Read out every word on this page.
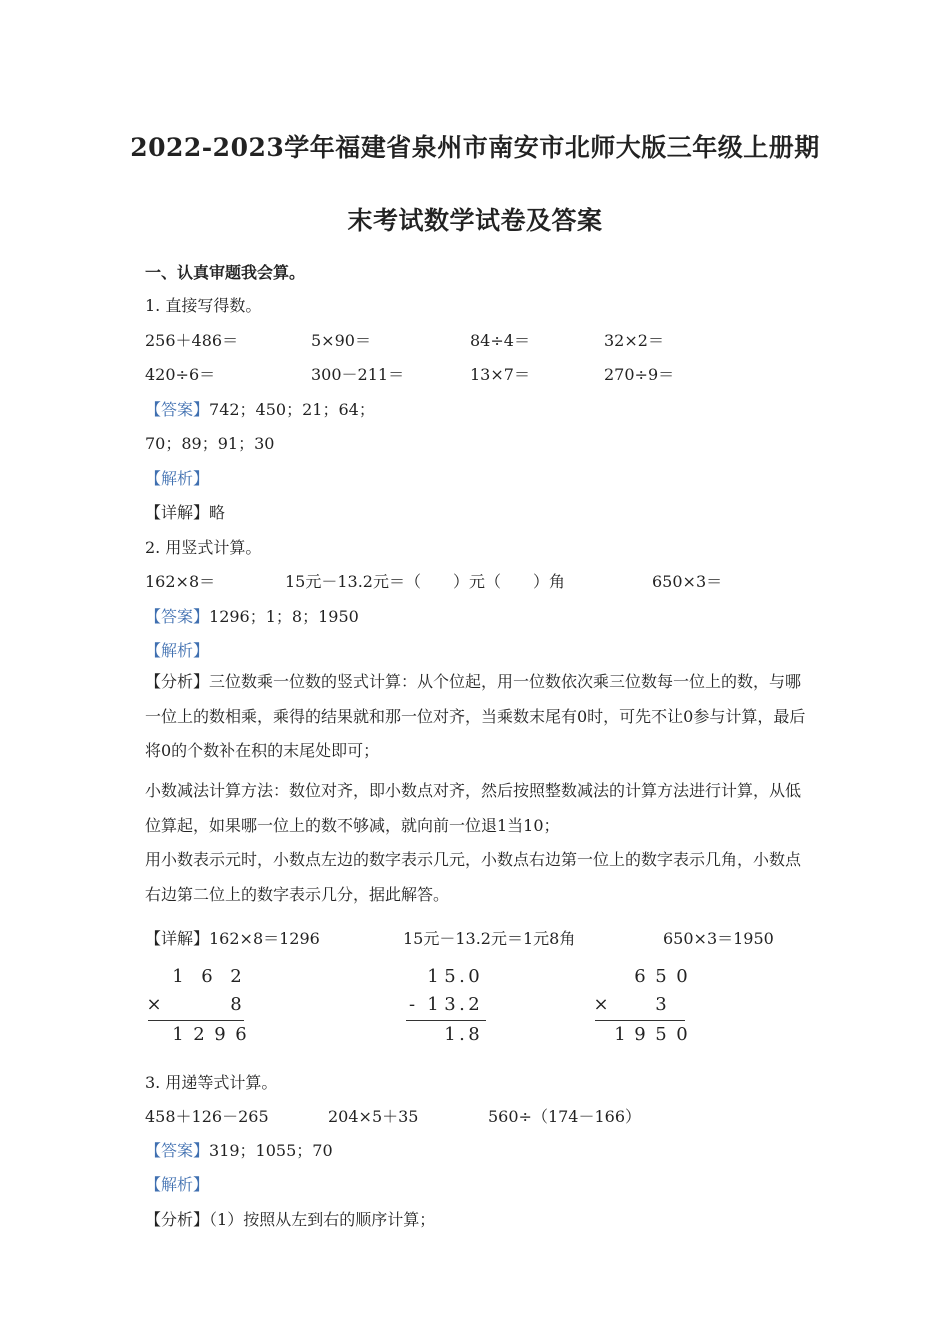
2022-2023学年福建省泉州市南安市北师大版三年级上册期
末考试数学试卷及答案
一、认真审题我会算。
1. 直接写得数。
256＋486＝	5×90＝	84÷4＝	32×2＝
420÷6＝	300－211＝	13×7＝	270÷9＝
【答案】742；450；21；64；
70；89；91；30
【解析】
【详解】略
2. 用竖式计算。
162×8＝	15元－13.2元＝（　　）元（　　）角	650×3＝
【答案】1296；1；8；1950
【解析】
【分析】三位数乘一位数的竖式计算：从个位起，用一位数依次乘三位数每一位上的数，与哪一位上的数相乘，乘得的结果就和那一位对齐，当乘数末尾有0时，可先不让0参与计算，最后将0的个数补在积的末尾处即可；
小数减法计算方法：数位对齐，即小数点对齐，然后按照整数减法的计算方法进行计算，从低位算起，如果哪一位上的数不够减，就向前一位退1当10；
用小数表示元时，小数点左边的数字表示几元，小数点右边第一位上的数字表示几角，小数点右边第二位上的数字表示几分，据此解答。
【详解】 162×8＝1296	15元－13.2元＝1元8角	650×3＝1950
1 6 2
×	8
1 2 9 6
1 5 . 0
- 1 3 . 2
1 . 8
6 5 0
×	3
1 9 5 0
3. 用递等式计算。
458＋126－265	204×5＋35	560÷（174－166）
【答案】319；1055；70
【解析】
【分析】（1）按照从左到右的顺序计算；
